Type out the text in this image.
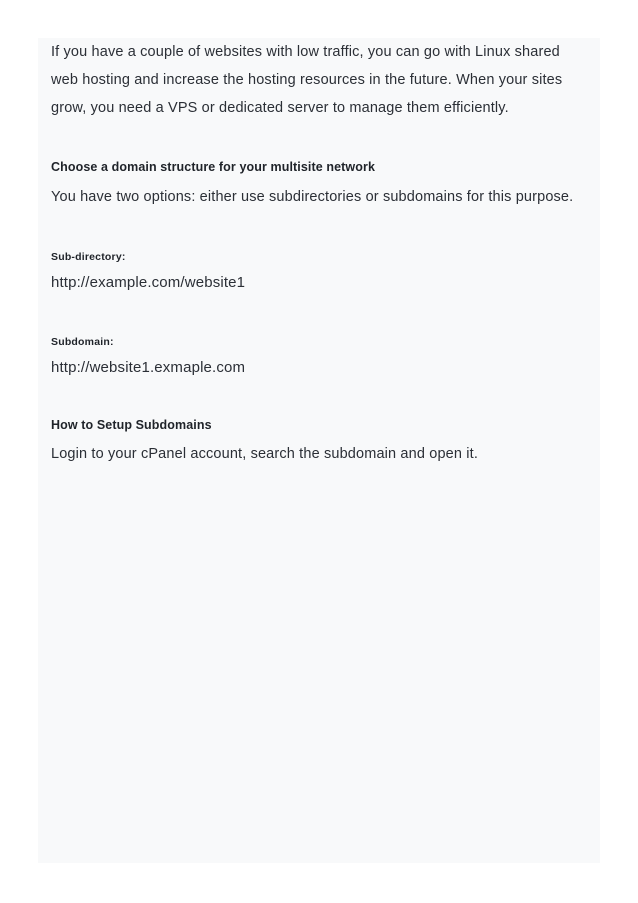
If you have a couple of websites with low traffic, you can go with Linux shared web hosting and increase the hosting resources in the future. When your sites grow, you need a VPS or dedicated server to manage them efficiently.

Choose a domain structure for your multisite network

You have two options: either use subdirectories or subdomains for this purpose.

Sub-directory:

http://example.com/website1

Subdomain:

http://website1.exmaple.com

How to Setup Subdomains

Login to your cPanel account, search the subdomain and open it.
